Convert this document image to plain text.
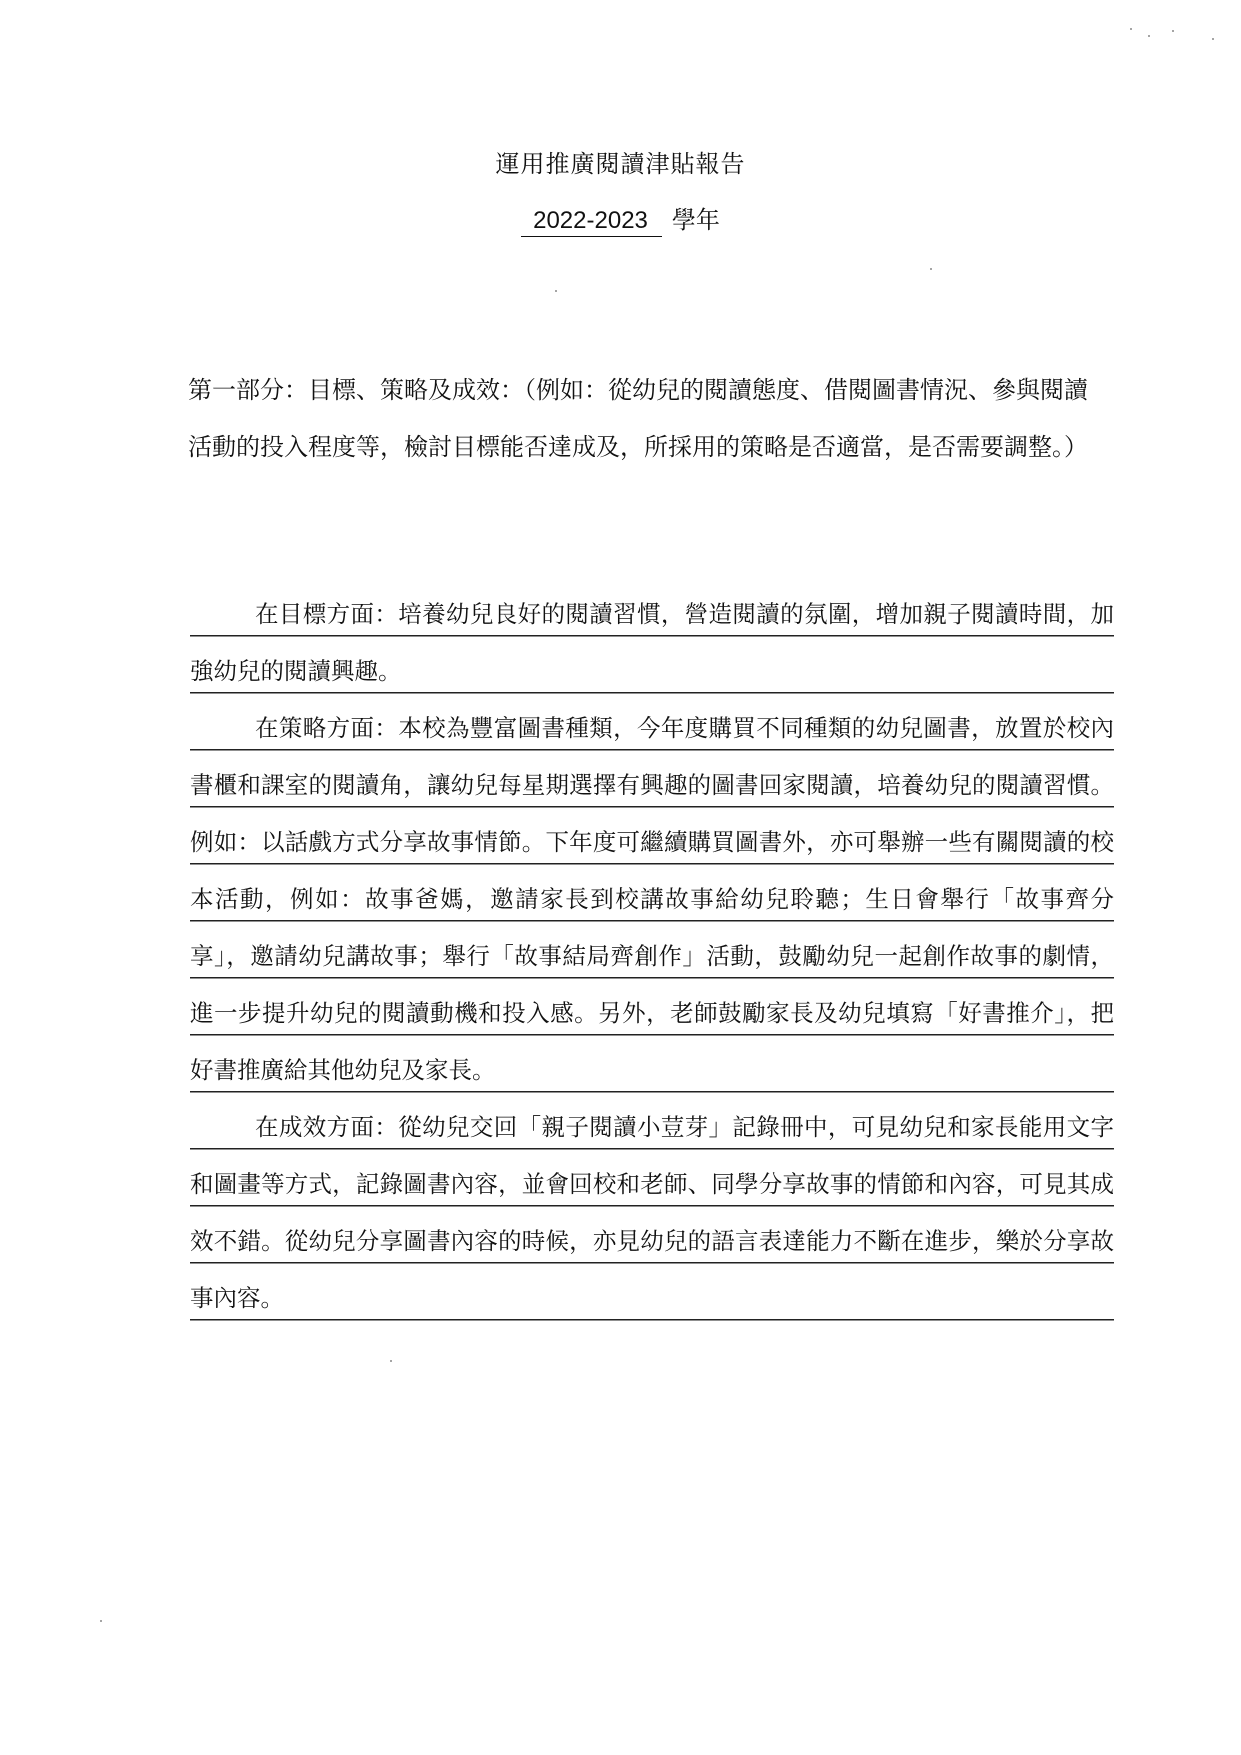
運用推廣閱讀津貼報告
2022-2023 學年
第一部分：目標、策略及成效：（例如：從幼兒的閱讀態度、借閱圖書情況、參與閱讀活動的投入程度等，檢討目標能否達成及，所採用的策略是否適當，是否需要調整。）

在目標方面：培養幼兒良好的閱讀習慣，營造閱讀的氛圍，增加親子閱讀時間，加強幼兒的閱讀興趣。

在策略方面：本校為豐富圖書種類，今年度購買不同種類的幼兒圖書，放置於校內書櫃和課室的閱讀角，讓幼兒每星期選擇有興趣的圖書回家閱讀，培養幼兒的閱讀習慣。例如：以話戲方式分享故事情節。下年度可繼續購買圖書外，亦可舉辦一些有關閱讀的校本活動，例如：故事爸媽，邀請家長到校講故事給幼兒聆聽；生日會舉行「故事齊分享」，邀請幼兒講故事；舉行「故事結局齊創作」活動，鼓勵幼兒一起創作故事的劇情，進一步提升幼兒的閱讀動機和投入感。另外，老師鼓勵家長及幼兒填寫「好書推介」，把好書推廣給其他幼兒及家長。

在成效方面：從幼兒交回「親子閱讀小荳芽」記錄冊中，可見幼兒和家長能用文字和圖畫等方式，記錄圖書內容，並會回校和老師、同學分享故事的情節和內容，可見其成效不錯。從幼兒分享圖書內容的時候，亦見幼兒的語言表達能力不斷在進步，樂於分享故事內容。
